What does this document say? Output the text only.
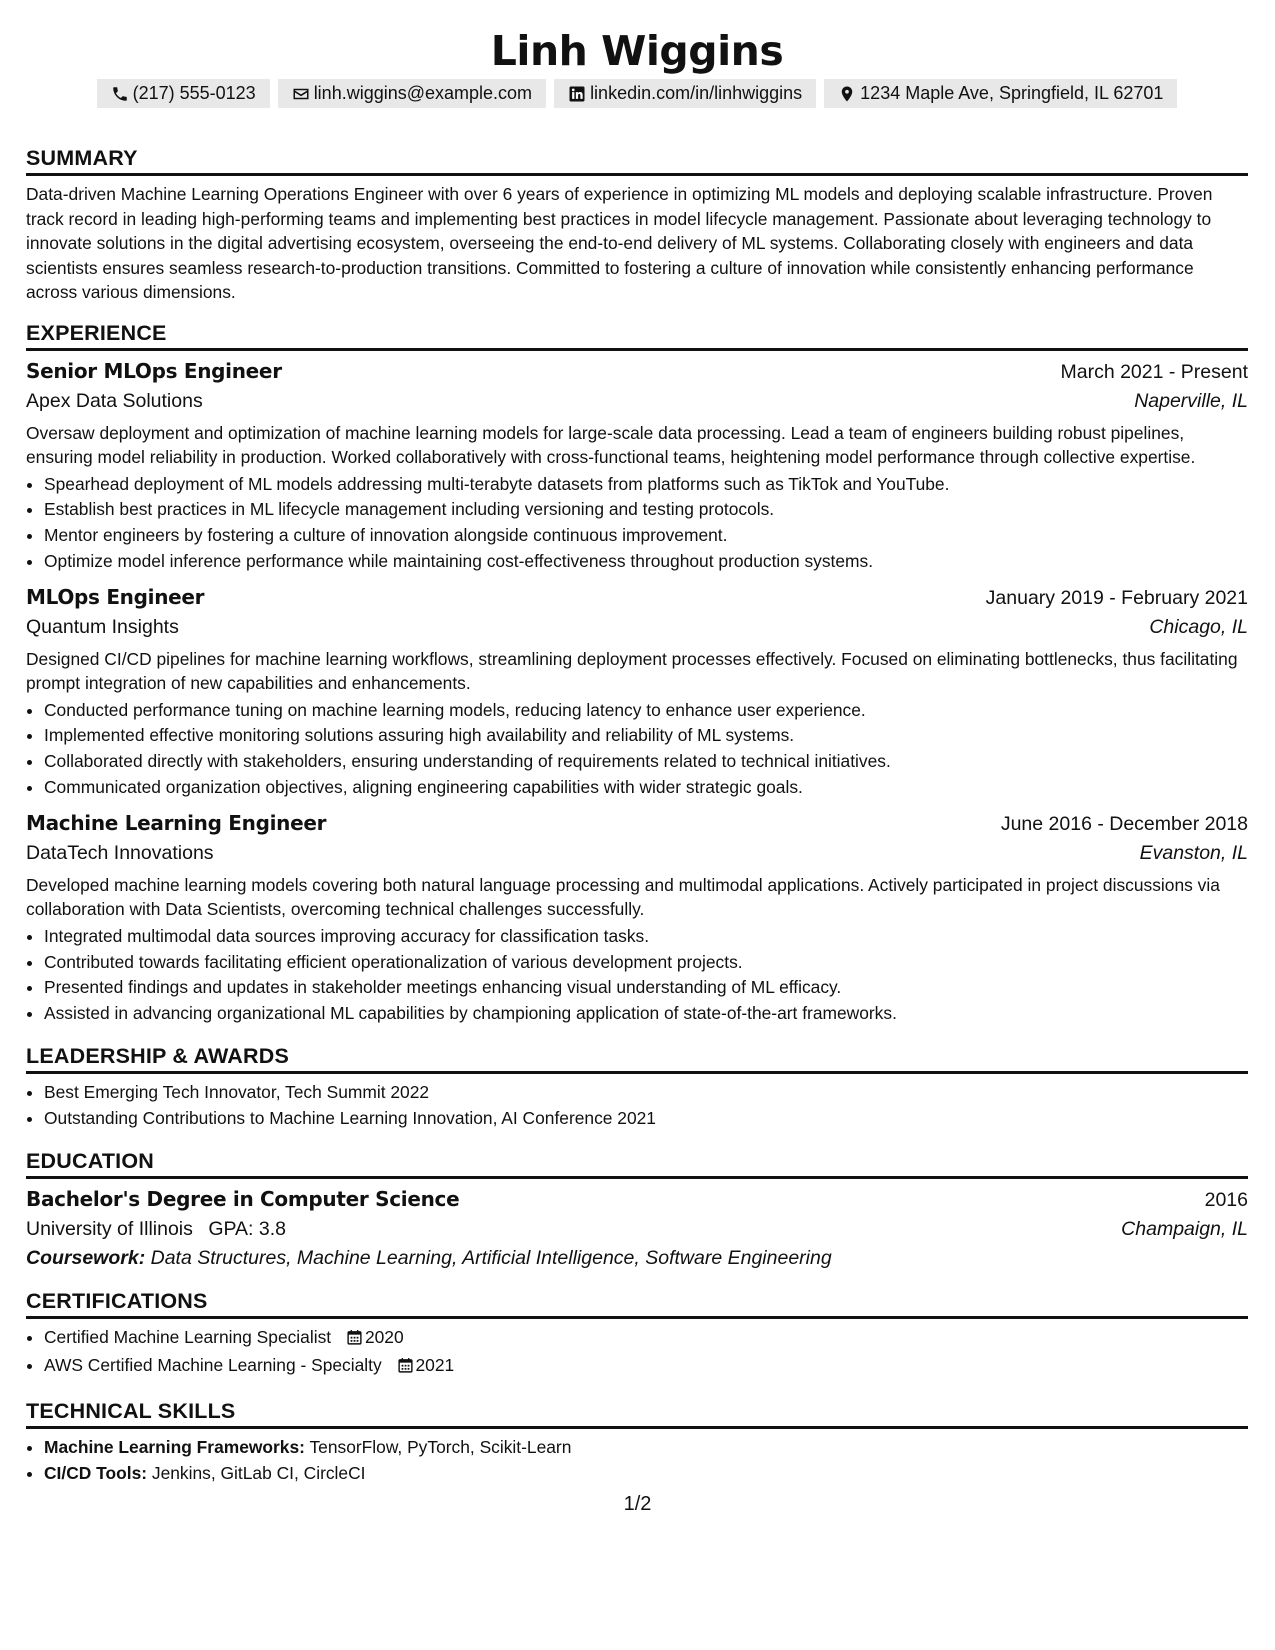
Linh Wiggins
(217) 555-0123	linh.wiggins@example.com	linkedin.com/in/linhwiggins	1234 Maple Ave, Springfield, IL 62701
SUMMARY

Data-driven Machine Learning Operations Engineer with over 6 years of experience in optimizing ML models and deploying scalable infrastructure. Proven track record in leading high-performing teams and implementing best practices in model lifecycle management. Passionate about leveraging technology to innovate solutions in the digital advertising ecosystem, overseeing the end-to-end delivery of ML systems. Collaborating closely with engineers and data scientists ensures seamless research-to-production transitions. Committed to fostering a culture of innovation while consistently enhancing performance across various dimensions.

EXPERIENCE
Senior MLOps Engineer	March 2021 - Present
Apex Data Solutions	Naperville, IL

Oversaw deployment and optimization of machine learning models for large-scale data processing. Lead a team of engineers building robust pipelines, ensuring model reliability in production. Worked collaboratively with cross-functional teams, heightening model performance through collective expertise.

• Spearhead deployment of ML models addressing multi-terabyte datasets from platforms such as TikTok and YouTube.
• Establish best practices in ML lifecycle management including versioning and testing protocols.
• Mentor engineers by fostering a culture of innovation alongside continuous improvement.
• Optimize model inference performance while maintaining cost-effectiveness throughout production systems.
MLOps Engineer	January 2019 - February 2021
Quantum Insights	Chicago, IL

Designed CI/CD pipelines for machine learning workflows, streamlining deployment processes effectively. Focused on eliminating bottlenecks, thus facilitating prompt integration of new capabilities and enhancements.

• Conducted performance tuning on machine learning models, reducing latency to enhance user experience.
• Implemented effective monitoring solutions assuring high availability and reliability of ML systems.
• Collaborated directly with stakeholders, ensuring understanding of requirements related to technical initiatives.
• Communicated organization objectives, aligning engineering capabilities with wider strategic goals.
Machine Learning Engineer	June 2016 - December 2018
DataTech Innovations	Evanston, IL

Developed machine learning models covering both natural language processing and multimodal applications. Actively participated in project discussions via collaboration with Data Scientists, overcoming technical challenges successfully.

• Integrated multimodal data sources improving accuracy for classification tasks.
• Contributed towards facilitating efficient operationalization of various development projects.
• Presented findings and updates in stakeholder meetings enhancing visual understanding of ML efficacy.
• Assisted in advancing organizational ML capabilities by championing application of state-of-the-art frameworks.
LEADERSHIP & AWARDS
• Best Emerging Tech Innovator, Tech Summit 2022
• Outstanding Contributions to Machine Learning Innovation, AI Conference 2021
EDUCATION
Bachelor's Degree in Computer Science	2016
University of Illinois GPA: 3.8	Champaign, IL
Coursework: Data Structures, Machine Learning, Artificial Intelligence, Software Engineering
CERTIFICATIONS
• Certified Machine Learning Specialist 2020
• AWS Certified Machine Learning - Specialty 2021
TECHNICAL SKILLS
• Machine Learning Frameworks: TensorFlow, PyTorch, Scikit-Learn
• CI/CD Tools: Jenkins, GitLab CI, CircleCI
1/2
